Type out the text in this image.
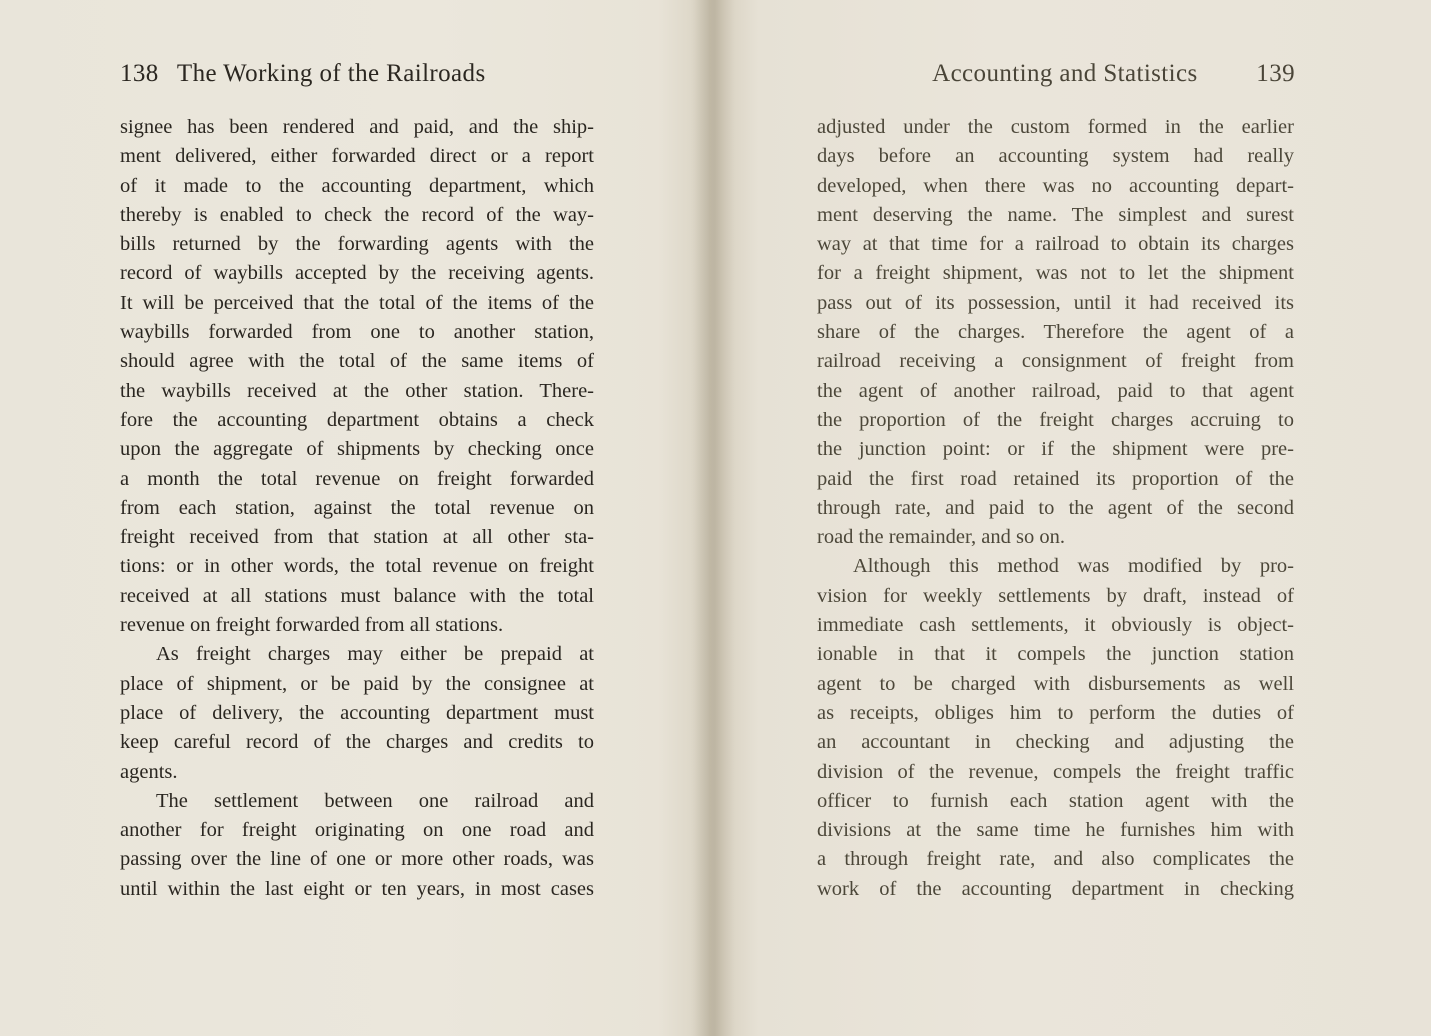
138 The Working of the Railroads
signee has been rendered and paid, and the ship-
ment delivered, either forwarded direct or a report
of it made to the accounting department, which
thereby is enabled to check the record of the way-
bills returned by the forwarding agents with the
record of waybills accepted by the receiving agents.
It will be perceived that the total of the items of the
waybills forwarded from one to another station,
should agree with the total of the same items of
the waybills received at the other station. There-
fore the accounting department obtains a check
upon the aggregate of shipments by checking once
a month the total revenue on freight forwarded
from each station, against the total revenue on
freight received from that station at all other sta-
tions: or in other words, the total revenue on freight
received at all stations must balance with the total
revenue on freight forwarded from all stations.
As freight charges may either be prepaid at
place of shipment, or be paid by the consignee at
place of delivery, the accounting department must
keep careful record of the charges and credits to
agents.
The settlement between one railroad and
another for freight originating on one road and
passing over the line of one or more other roads, was
until within the last eight or ten years, in most cases
Accounting and Statistics 139
adjusted under the custom formed in the earlier
days before an accounting system had really
developed, when there was no accounting depart-
ment deserving the name. The simplest and surest
way at that time for a railroad to obtain its charges
for a freight shipment, was not to let the shipment
pass out of its possession, until it had received its
share of the charges. Therefore the agent of a
railroad receiving a consignment of freight from
the agent of another railroad, paid to that agent
the proportion of the freight charges accruing to
the junction point: or if the shipment were pre-
paid the first road retained its proportion of the
through rate, and paid to the agent of the second
road the remainder, and so on.
Although this method was modified by pro-
vision for weekly settlements by draft, instead of
immediate cash settlements, it obviously is object-
ionable in that it compels the junction station
agent to be charged with disbursements as well
as receipts, obliges him to perform the duties of
an accountant in checking and adjusting the
division of the revenue, compels the freight traffic
officer to furnish each station agent with the
divisions at the same time he furnishes him with
a through freight rate, and also complicates the
work of the accounting department in checking
